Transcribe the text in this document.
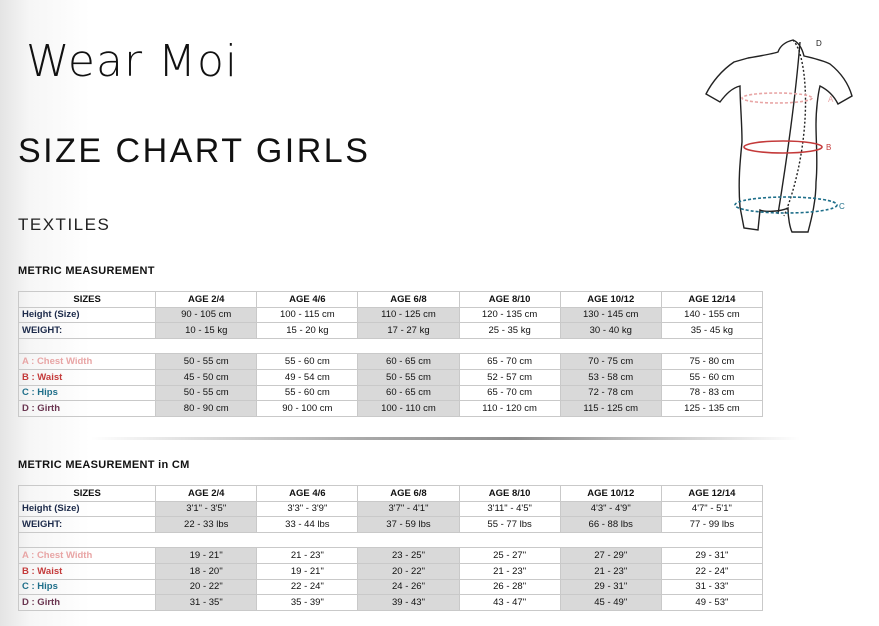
Wear Moi
SIZE CHART GIRLS
TEXTILES
A
B
C
D
METRIC MEASUREMENT
SIZES	AGE 2/4	AGE 4/6	AGE 6/8	AGE 8/10	AGE 10/12	AGE 12/14
Height (Size)	90 - 105 cm	100 - 115 cm	110 - 125 cm	120 - 135 cm	130 - 145 cm	140 - 155 cm
WEIGHT:	10 - 15 kg	15 - 20 kg	17 - 27 kg	25 - 35 kg	30 - 40 kg	35 - 45 kg

A : Chest Width	50 - 55 cm	55 - 60 cm	60 - 65 cm	65 - 70 cm	70 - 75 cm	75 - 80 cm
B : Waist	45 - 50 cm	49 - 54 cm	50 - 55 cm	52 - 57 cm	53 - 58 cm	55 - 60 cm
C : Hips	50 - 55 cm	55 - 60 cm	60 - 65 cm	65 - 70 cm	72 - 78 cm	78 - 83 cm
D : Girth	80 - 90 cm	90 - 100 cm	100 - 110 cm	110 - 120 cm	115 - 125 cm	125 - 135 cm
METRIC MEASUREMENT in CM
SIZES	AGE 2/4	AGE 4/6	AGE 6/8	AGE 8/10	AGE 10/12	AGE 12/14
Height (Size)	3'1" - 3'5"	3'3" - 3'9"	3'7" - 4'1"	3'11" - 4'5"	4'3" - 4'9"	4'7" - 5'1"
WEIGHT:	22 - 33 lbs	33 - 44 lbs	37 - 59 lbs	55 - 77 lbs	66 - 88 lbs	77 - 99 lbs

A : Chest Width	19 - 21''	21 - 23"	23 - 25"	25 - 27"	27 - 29"	29 - 31"
B : Waist	18 - 20''	19 - 21"	20 - 22"	21 - 23"	21 - 23"	22 - 24"
C : Hips	20 - 22"	22 - 24"	24 - 26"	26 - 28"	29 - 31"	31 - 33"
D : Girth	31 - 35"	35 - 39"	39 - 43"	43 - 47"	45 - 49"	49 - 53"
